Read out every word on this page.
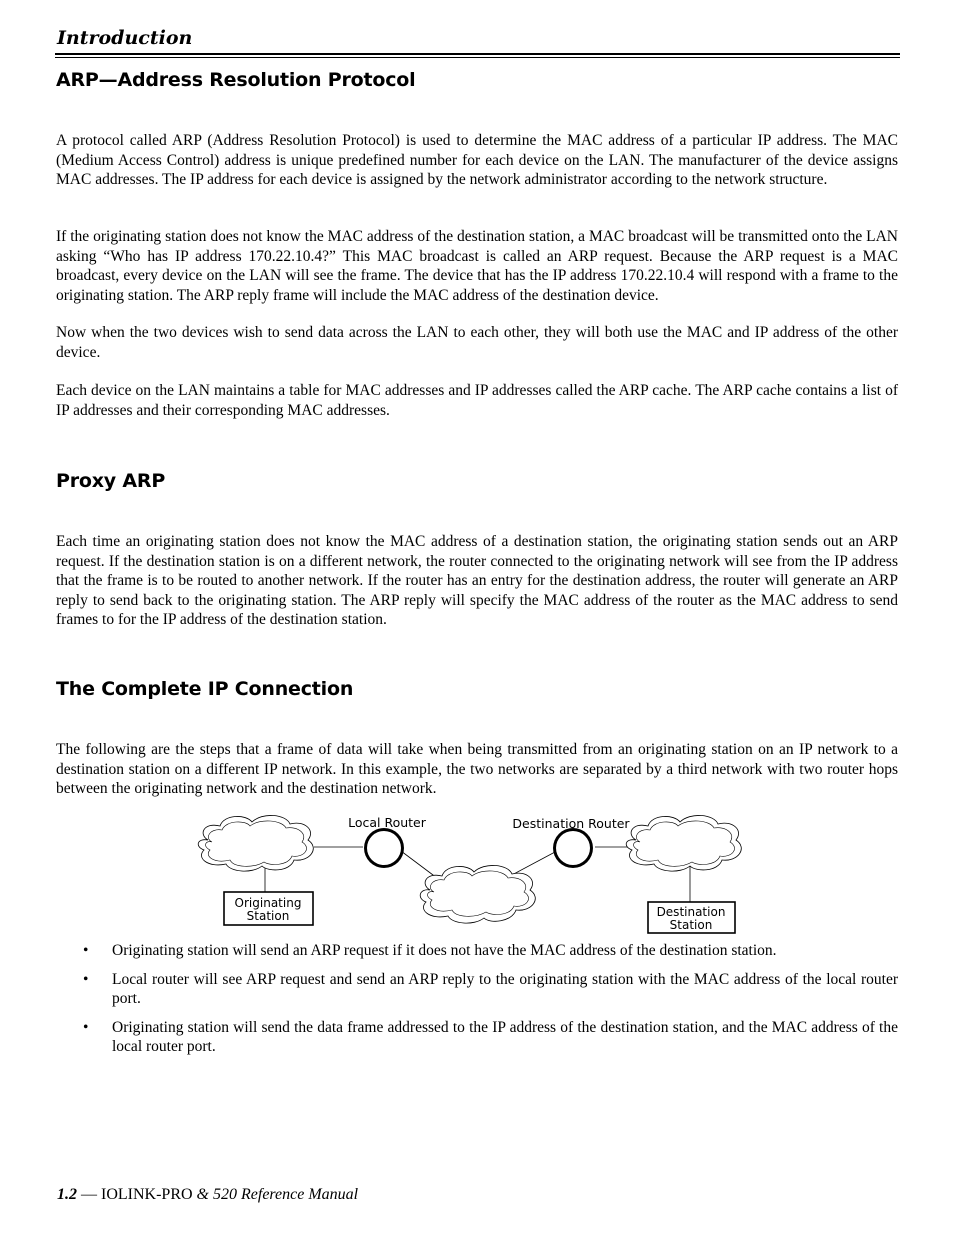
Introduction
ARP—Address Resolution Protocol

A protocol called ARP (Address Resolution Protocol) is used to determine the MAC address of a particular IP address. The MAC (Medium Access Control) address is unique predefined number for each device on the LAN. The manufacturer of the device assigns MAC addresses. The IP address for each device is assigned by the network administrator according to the network structure.

If the originating station does not know the MAC address of the destination station, a MAC broadcast will be transmitted onto the LAN asking “Who has IP address 170.22.10.4?” This MAC broadcast is called an ARP request. Because the ARP request is a MAC broadcast, every device on the LAN will see the frame. The device that has the IP address 170.22.10.4 will respond with a frame to the originating station. The ARP reply frame will include the MAC address of the destination device.

Now when the two devices wish to send data across the LAN to each other, they will both use the MAC and IP address of the other device.

Each device on the LAN maintains a table for MAC addresses and IP addresses called the ARP cache. The ARP cache contains a list of IP addresses and their corresponding MAC addresses.

Proxy ARP

Each time an originating station does not know the MAC address of a destination station, the originating station sends out an ARP request. If the destination station is on a different network, the router connected to the originating network will see from the IP address that the frame is to be routed to another network. If the router has an entry for the destination address, the router will generate an ARP reply to send back to the originating station. The ARP reply will specify the MAC address of the router as the MAC address to send frames to for the IP address of the destination station.

The Complete IP Connection

The following are the steps that a frame of data will take when being transmitted from an originating station on an IP network to a destination station on a different IP network. In this example, the two networks are separated by a third network with two router hops between the originating network and the destination network.

Local Router	Destination Router
Originating
Station	Destination
Station
• Originating station will send an ARP request if it does not have the MAC address of the destination station.
• Local router will see ARP request and send an ARP reply to the originating station with the MAC address of the local router port.
• Originating station will send the data frame addressed to the IP address of the destination station, and the MAC address of the local router port.
1.2 — IOLINK-PRO & 520 Reference Manual
